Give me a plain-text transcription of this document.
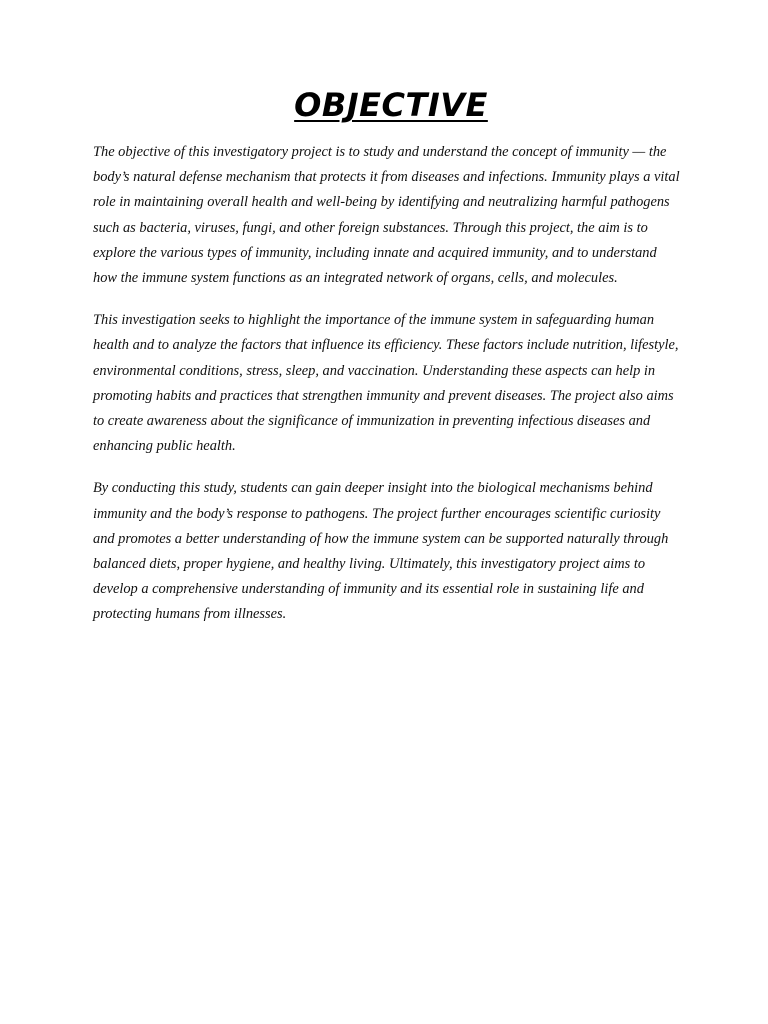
OBJECTIVE

The objective of this investigatory project is to study and understand the concept of immunity — the body’s natural defense mechanism that protects it from diseases and infections. Immunity plays a vital role in maintaining overall health and well-being by identifying and neutralizing harmful pathogens such as bacteria, viruses, fungi, and other foreign substances. Through this project, the aim is to explore the various types of immunity, including innate and acquired immunity, and to understand how the immune system functions as an integrated network of organs, cells, and molecules.

This investigation seeks to highlight the importance of the immune system in safeguarding human health and to analyze the factors that influence its efficiency. These factors include nutrition, lifestyle, environmental conditions, stress, sleep, and vaccination. Understanding these aspects can help in promoting habits and practices that strengthen immunity and prevent diseases. The project also aims to create awareness about the significance of immunization in preventing infectious diseases and enhancing public health.

By conducting this study, students can gain deeper insight into the biological mechanisms behind immunity and the body’s response to pathogens. The project further encourages scientific curiosity and promotes a better understanding of how the immune system can be supported naturally through balanced diets, proper hygiene, and healthy living. Ultimately, this investigatory project aims to develop a comprehensive understanding of immunity and its essential role in sustaining life and protecting humans from illnesses.
